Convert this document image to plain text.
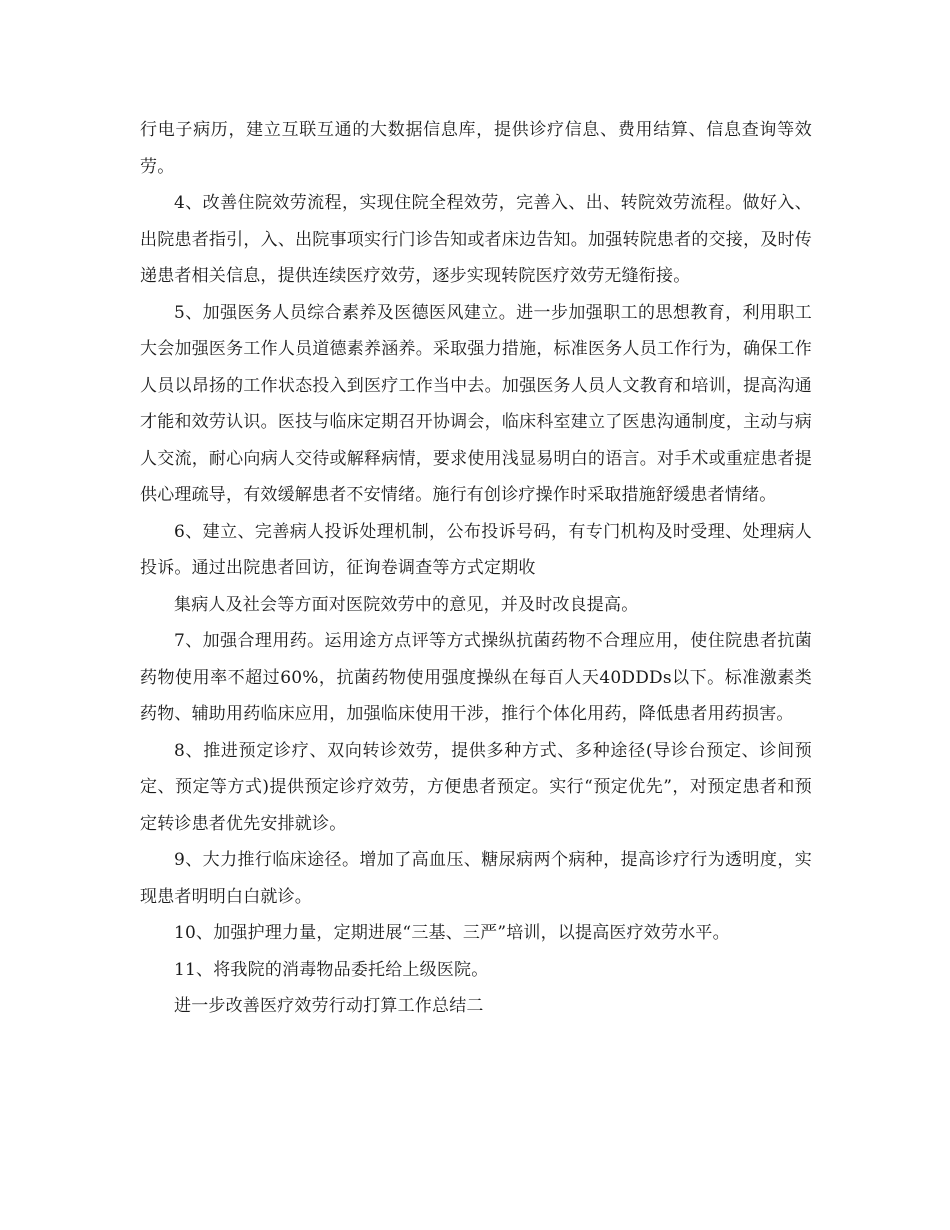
行电子病历，建立互联互通的大数据信息库，提供诊疗信息、费用结算、信息查询等效劳。

4、改善住院效劳流程，实现住院全程效劳，完善入、出、转院效劳流程。做好入、出院患者指引，入、出院事项实行门诊告知或者床边告知。加强转院患者的交接，及时传递患者相关信息，提供连续医疗效劳，逐步实现转院医疗效劳无缝衔接。

5、加强医务人员综合素养及医德医风建立。进一步加强职工的思想教育，利用职工大会加强医务工作人员道德素养涵养。采取强力措施，标准医务人员工作行为，确保工作人员以昂扬的工作状态投入到医疗工作当中去。加强医务人员人文教育和培训，提高沟通才能和效劳认识。医技与临床定期召开协调会，临床科室建立了医患沟通制度，主动与病人交流，耐心向病人交待或解释病情，要求使用浅显易明白的语言。对手术或重症患者提供心理疏导，有效缓解患者不安情绪。施行有创诊疗操作时采取措施舒缓患者情绪。

6、建立、完善病人投诉处理机制，公布投诉号码，有专门机构及时受理、处理病人投诉。通过出院患者回访，征询卷调查等方式定期收

集病人及社会等方面对医院效劳中的意见，并及时改良提高。

7、加强合理用药。运用途方点评等方式操纵抗菌药物不合理应用，使住院患者抗菌药物使用率不超过60%，抗菌药物使用强度操纵在每百人天40DDDs以下。标准激素类药物、辅助用药临床应用，加强临床使用干涉，推行个体化用药，降低患者用药损害。

8、推进预定诊疗、双向转诊效劳，提供多种方式、多种途径(导诊台预定、诊间预定、预定等方式)提供预定诊疗效劳，方便患者预定。实行“预定优先”，对预定患者和预定转诊患者优先安排就诊。

9、大力推行临床途径。增加了高血压、糖尿病两个病种，提高诊疗行为透明度，实现患者明明白白就诊。

10、加强护理力量，定期进展“三基、三严”培训，以提高医疗效劳水平。

11、将我院的消毒物品委托给上级医院。

进一步改善医疗效劳行动打算工作总结二
